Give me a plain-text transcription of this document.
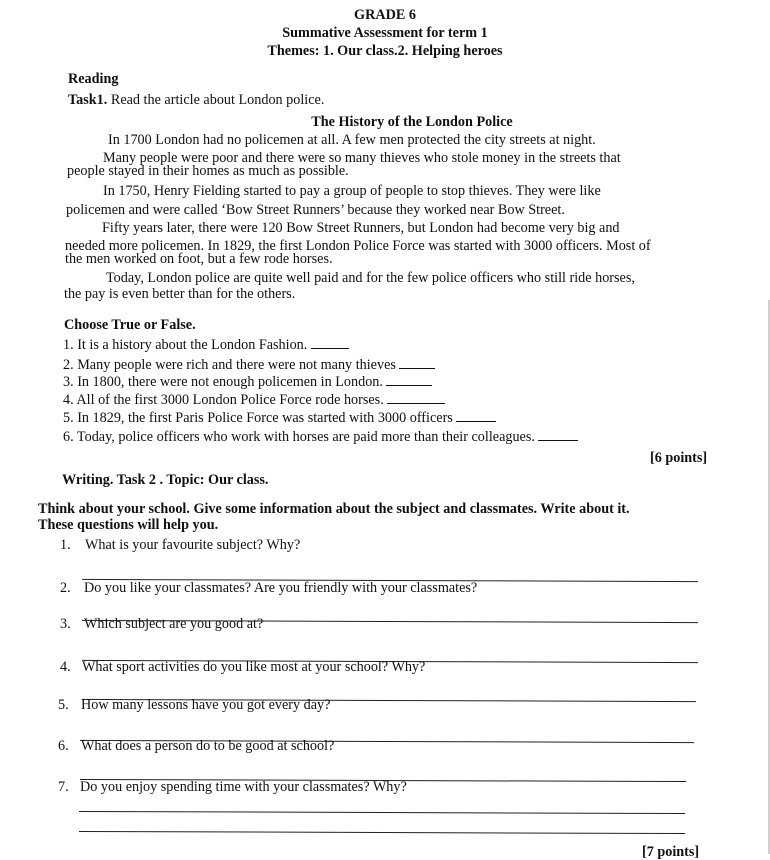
GRADE 6
Summative Assessment for term 1
Themes: 1. Our class.2. Helping heroes
Reading
Task1. Read the article about London police.
The History of the London Police
In 1700 London had no policemen at all. A few men protected the city streets at night.
Many people were poor and there were so many thieves who stole money in the streets that
people stayed in their homes as much as possible.
In 1750, Henry Fielding started to pay a group of people to stop thieves. They were like
policemen and were called ‘Bow Street Runners’ because they worked near Bow Street.
Fifty years later, there were 120 Bow Street Runners, but London had become very big and
needed more policemen. In 1829, the first London Police Force was started with 3000 officers. Most of
the men worked on foot, but a few rode horses.
Today, London police are quite well paid and for the few police officers who still ride horses,
the pay is even better than for the others.
Choose True or False.
1. It is a history about the London Fashion.
2. Many people were rich and there were not many thieves
3. In 1800, there were not enough policemen in London.
4. All of the first 3000 London Police Force rode horses.
5. In 1829, the first Paris Police Force was started with 3000 officers
6. Today, police officers who work with horses are paid more than their colleagues.
[6 points]
Writing. Task 2 . Topic: Our class.
Think about your school. Give some information about the subject and classmates. Write about it.
These questions will help you.
1. What is your favourite subject? Why?
2. Do you like your classmates? Are you friendly with your classmates?
3. Which subject are you good at?
4. What sport activities do you like most at your school? Why?
5. How many lessons have you got every day?
6. What does a person do to be good at school?
7. Do you enjoy spending time with your classmates? Why?
[7 points]
